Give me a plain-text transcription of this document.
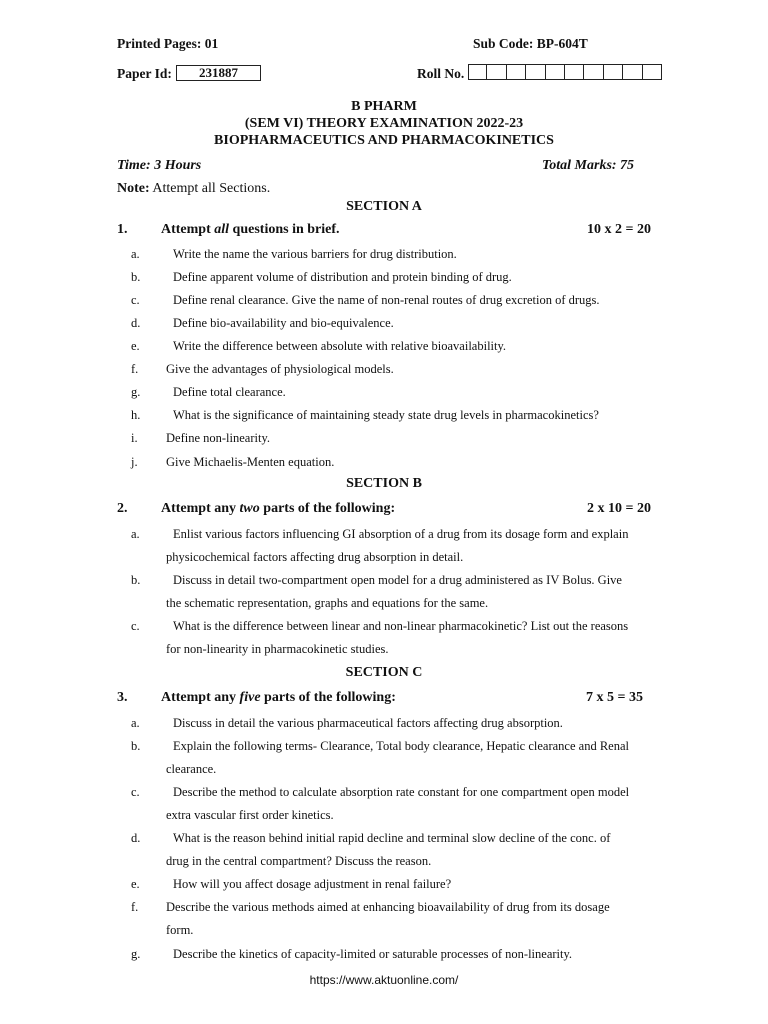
Printed Pages: 01	Sub Code: BP-604T
Paper Id:	231887	Roll No.
B PHARM
(SEM VI) THEORY EXAMINATION 2022-23
BIOPHARMACEUTICS AND PHARMACOKINETICS
Time: 3 Hours	Total Marks: 75
Note: Attempt all Sections.
SECTION A
1. Attempt all questions in brief.	10 x 2 = 20
a.	Write the name the various barriers for drug distribution.
b.	Define apparent volume of distribution and protein binding of drug.
c.	Define renal clearance. Give the name of non-renal routes of drug excretion of drugs.
d.	Define bio-availability and bio-equivalence.
e.	Write the difference between absolute with relative bioavailability.
f. Give the advantages of physiological models.
g.	Define total clearance.
h.	What is the significance of maintaining steady state drug levels in pharmacokinetics?
i. Define non-linearity.
j. Give Michaelis-Menten equation.
SECTION B
2. Attempt any two parts of the following:	2 x 10 = 20
a.	Enlist various factors influencing GI absorption of a drug from its dosage form and explain
physicochemical factors affecting drug absorption in detail.
b.	Discuss in detail two-compartment open model for a drug administered as IV Bolus. Give
the schematic representation, graphs and equations for the same.
c.	What is the difference between linear and non-linear pharmacokinetic? List out the reasons
for non-linearity in pharmacokinetic studies.
SECTION C
3. Attempt any five parts of the following:	7 x 5 = 35
a.	Discuss in detail the various pharmaceutical factors affecting drug absorption.
b.	Explain the following terms- Clearance, Total body clearance, Hepatic clearance and Renal
clearance.
c.	Describe the method to calculate absorption rate constant for one compartment open model
extra vascular first order kinetics.
d.	What is the reason behind initial rapid decline and terminal slow decline of the conc. of
drug in the central compartment? Discuss the reason.
e.	How will you affect dosage adjustment in renal failure?
f. Describe the various methods aimed at enhancing bioavailability of drug from its dosage
form.
g.	Describe the kinetics of capacity-limited or saturable processes of non-linearity.
https://www.aktuonline.com/
